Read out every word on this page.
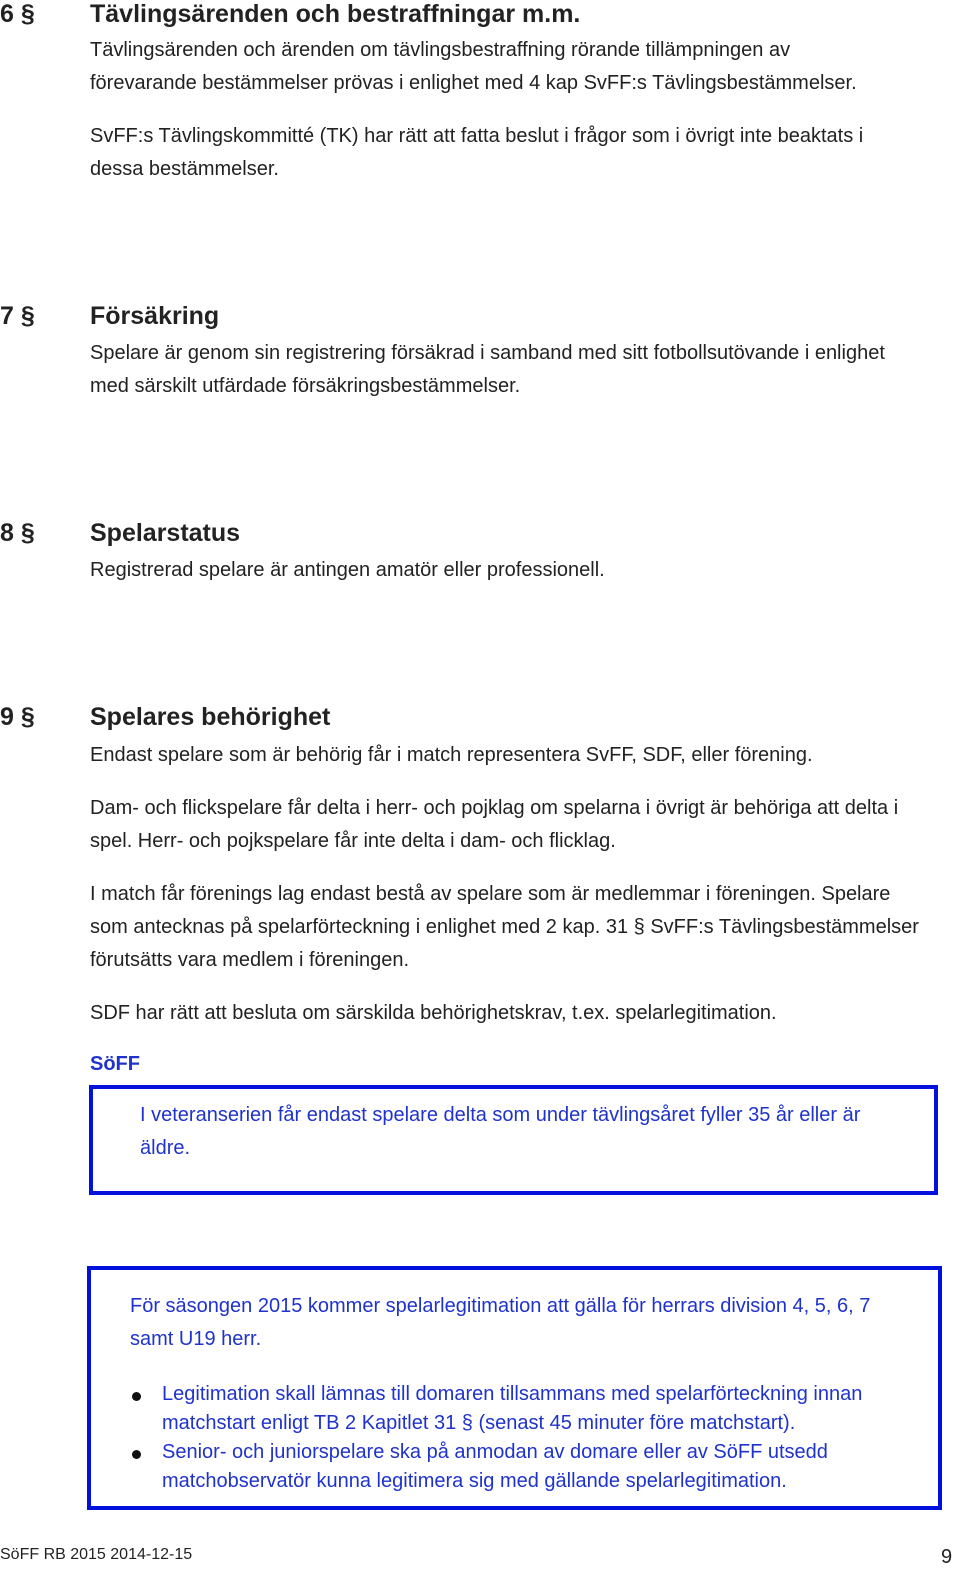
6 § Tävlingsärenden och bestraffningar m.m.
Tävlingsärenden och ärenden om tävlingsbestraffning rörande tillämpningen av
förevarande bestämmelser prövas i enlighet med 4 kap SvFF:s Tävlingsbestämmelser.
SvFF:s Tävlingskommitté (TK) har rätt att fatta beslut i frågor som i övrigt inte beaktats i
dessa bestämmelser.
7 § Försäkring
Spelare är genom sin registrering försäkrad i samband med sitt fotbollsutövande i enlighet
med särskilt utfärdade försäkringsbestämmelser.
8 § Spelarstatus
Registrerad spelare är antingen amatör eller professionell.
9 § Spelares behörighet
Endast spelare som är behörig får i match representera SvFF, SDF, eller förening.
Dam- och flickspelare får delta i herr- och pojklag om spelarna i övrigt är behöriga att delta i
spel. Herr- och pojkspelare får inte delta i dam- och flicklag.
I match får förenings lag endast bestå av spelare som är medlemmar i föreningen. Spelare
som antecknas på spelarförteckning i enlighet med 2 kap. 31 § SvFF:s Tävlingsbestämmelser
förutsätts vara medlem i föreningen.
SDF har rätt att besluta om särskilda behörighetskrav, t.ex. spelarlegitimation.
SöFF
I veteranserien får endast spelare delta som under tävlingsåret fyller 35 år eller är
äldre.
För säsongen 2015 kommer spelarlegitimation att gälla för herrars division 4, 5, 6, 7
samt U19 herr.
Legitimation skall lämnas till domaren tillsammans med spelarförteckning innan
matchstart enligt TB 2 Kapitlet 31 § (senast 45 minuter före matchstart).
Senior- och juniorspelare ska på anmodan av domare eller av SöFF utsedd
matchobservatör kunna legitimera sig med gällande spelarlegitimation.
SöFF RB 2015 2014-12-15	9
